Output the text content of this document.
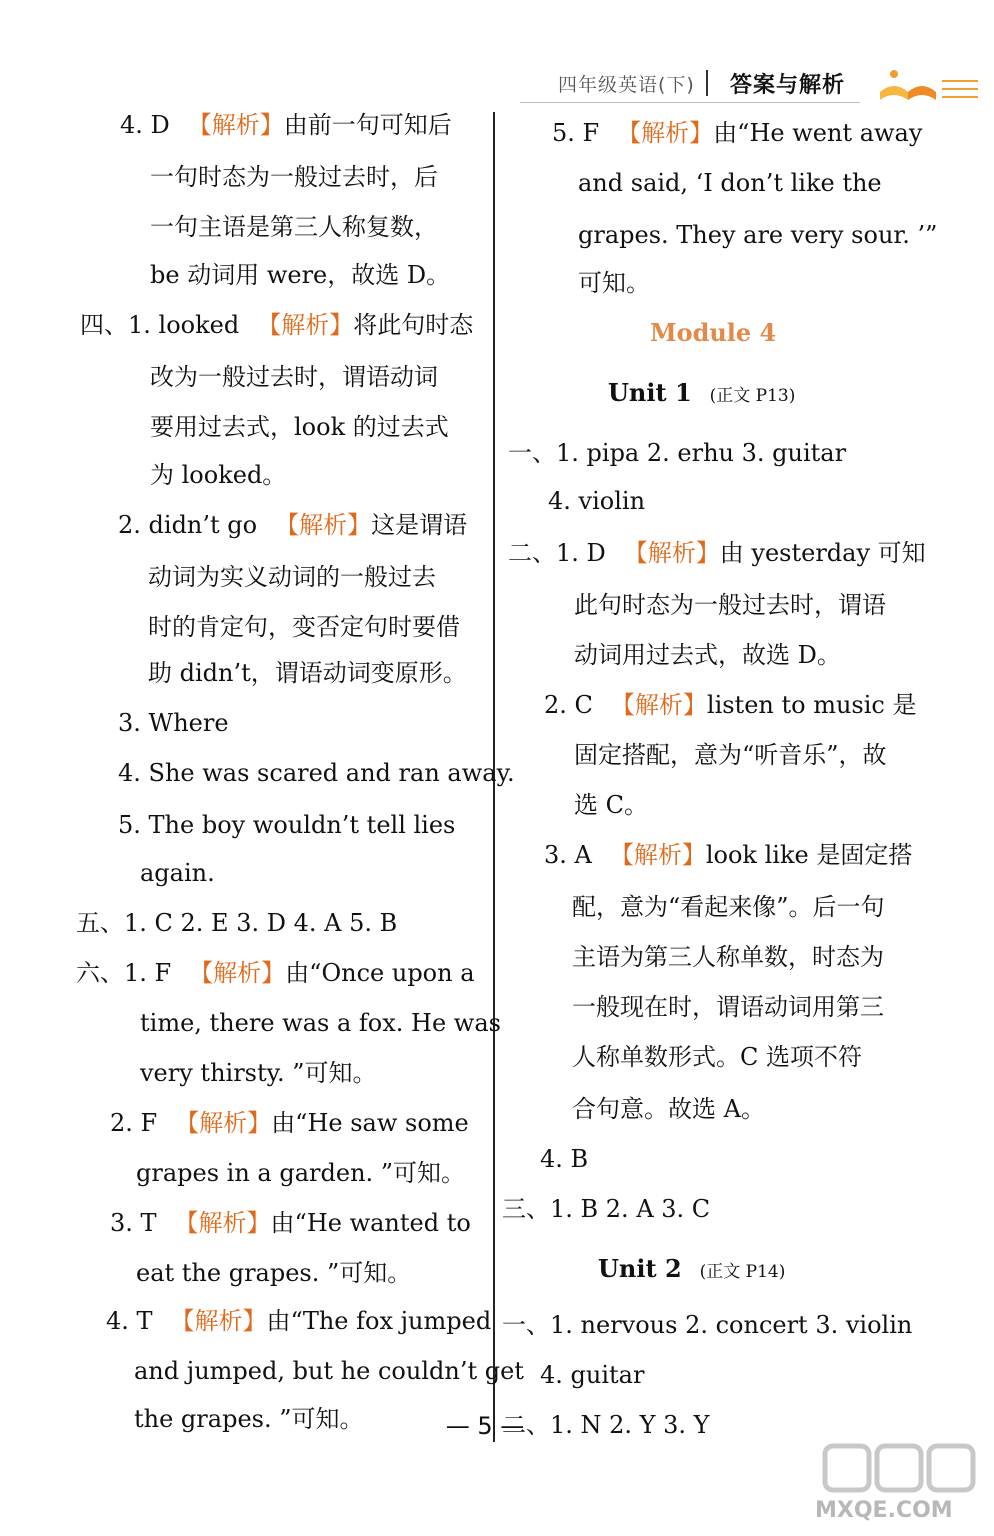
四年级英语(下) 答案与解析
4. D 【解析】由前一句可知后
一句时态为一般过去时，后
一句主语是第三人称复数，
be 动词用 were，故选 D。
四、1. looked 【解析】将此句时态
改为一般过去时，谓语动词
要用过去式，look 的过去式
为 looked。
2. didn’t go 【解析】这是谓语
动词为实义动词的一般过去
时的肯定句，变否定句时要借
助 didn’t，谓语动词变原形。
3. Where
4. She was scared and ran away.
5. The boy wouldn’t tell lies
again.
五、1. C 2. E 3. D 4. A 5. B
六、1. F 【解析】由“Once upon a
time, there was a fox. He was
very thirsty. ”可知。
2. F 【解析】由“He saw some
grapes in a garden. ”可知。
3. T 【解析】由“He wanted to
eat the grapes. ”可知。
4. T 【解析】由“The fox jumped
and jumped, but he couldn’t get
the grapes. ”可知。
5. F 【解析】由“He went away
and said, ‘I don’t like the
grapes. They are very sour. ’”
可知。
Module 4
Unit 1 (正文 P13)
一、1. pipa 2. erhu 3. guitar
4. violin
二、1. D 【解析】由 yesterday 可知
此句时态为一般过去时，谓语
动词用过去式，故选 D。
2. C 【解析】listen to music 是
固定搭配，意为“听音乐”，故
选 C。
3. A 【解析】look like 是固定搭
配，意为“看起来像”。后一句
主语为第三人称单数，时态为
一般现在时，谓语动词用第三
人称单数形式。C 选项不符
合句意。故选 A。
4. B
三、1. B 2. A 3. C
Unit 2 (正文 P14)
一、1. nervous 2. concert 3. violin
4. guitar
二、1. N 2. Y 3. Y
— 5 —
MXQE.COM
